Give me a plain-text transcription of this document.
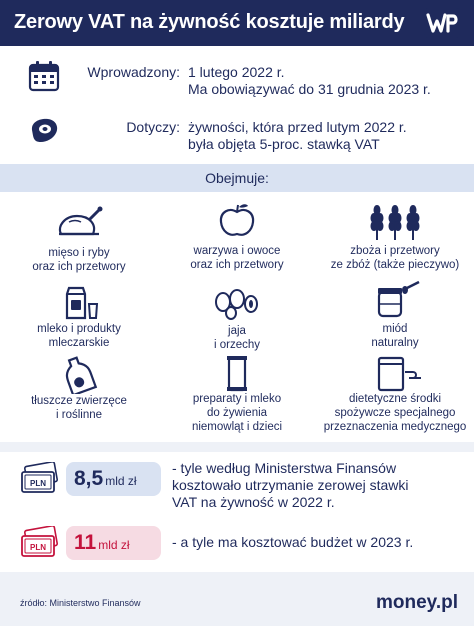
Zerowy VAT na żywność kosztuje miliardy
Wprowadzony: 1 lutego 2022 r.
Ma obowiązywać do 31 grudnia 2023 r.
Dotyczy: żywności, która przed lutym 2022 r.
była objęta 5-proc. stawką VAT
Obejmuje:
mięso i ryby
oraz ich przetwory
warzywa i owoce
oraz ich przetwory
zboża i przetwory
ze zbóż (także pieczywo)
mleko i produkty
mleczarskie
jaja
i orzechy
miód
naturalny
tłuszcze zwierzęce
i roślinne
preparaty i mleko
do żywienia
niemowląt i dzieci
dietetyczne środki
spożywcze specjalnego
przeznaczenia medycznego
PLN 8,5 mld zł
- tyle według Ministerstwa Finansów
kosztowało utrzymanie zerowej stawki
VAT na żywność w 2022 r.
PLN 11 mld zł	- a tyle ma kosztować budżet w 2023 r.
źródło: Ministerstwo Finansów	money.pl
